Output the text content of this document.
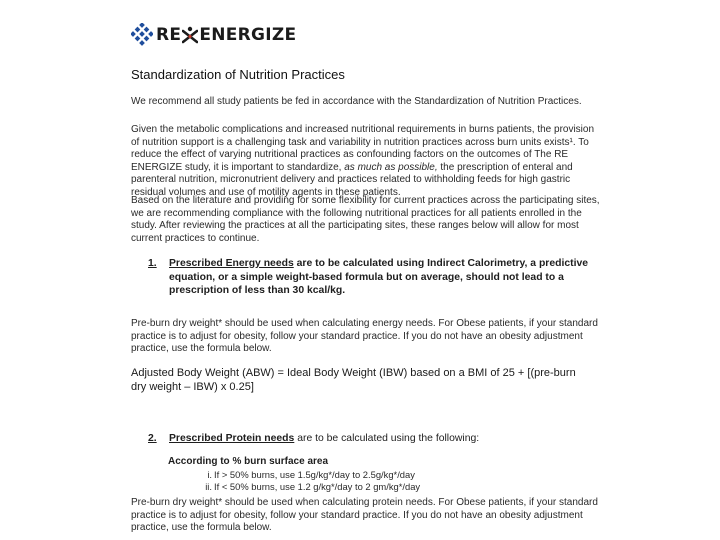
RE ENERGIZE
Standardization of Nutrition Practices
We recommend all study patients be fed in accordance with the Standardization of Nutrition Practices.
Given the metabolic complications and increased nutritional requirements in burns patients, the provision of nutrition support is a challenging task and variability in nutrition practices across burn units exists¹. To reduce the effect of varying nutritional practices as confounding factors on the outcomes of The RE ENERGIZE study, it is important to standardize, as much as possible, the prescription of enteral and parenteral nutrition, micronutrient delivery and practices related to withholding feeds for high gastric residual volumes and use of motility agents in these patients.
Based on the literature and providing for some flexibility for current practices across the participating sites, we are recommending compliance with the following nutritional practices for all patients enrolled in the study. After reviewing the practices at all the participating sites, these ranges below will allow for most current practices to continue.
1. Prescribed Energy needs are to be calculated using Indirect Calorimetry, a predictive equation, or a simple weight-based formula but on average, should not lead to a prescription of less than 30 kcal/kg.
Pre-burn dry weight* should be used when calculating energy needs. For Obese patients, if your standard practice is to adjust for obesity, follow your standard practice. If you do not have an obesity adjustment practice, use the formula below.
Adjusted Body Weight (ABW) = Ideal Body Weight (IBW) based on a BMI of 25 + [(pre-burn dry weight – IBW) x 0.25]
2. Prescribed Protein needs are to be calculated using the following:
According to % burn surface area
i. If > 50% burns, use 1.5g/kg*/day to 2.5g/kg*/day
ii. If < 50% burns, use 1.2 g/kg*/day to 2 gm/kg*/day
Pre-burn dry weight* should be used when calculating protein needs. For Obese patients, if your standard practice is to adjust for obesity, follow your standard practice. If you do not have an obesity adjustment practice, use the formula below.
